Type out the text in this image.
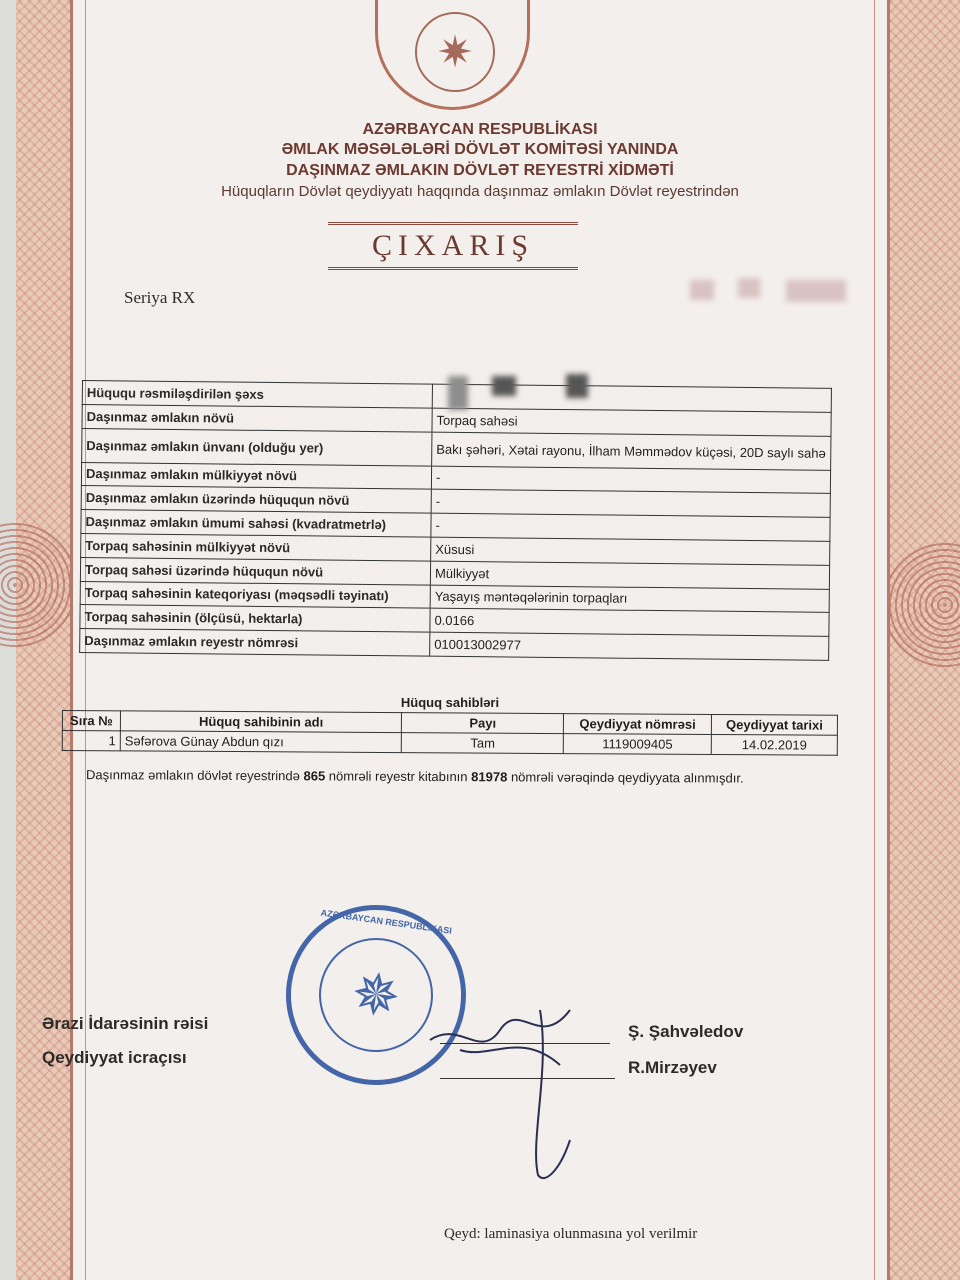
✷
AZƏRBAYCAN RESPUBLİKASI
ƏMLAK MƏSƏLƏLƏRİ DÖVLƏT KOMİTƏSİ YANINDA
DAŞINMAZ ƏMLAKIN DÖVLƏT REYESTRİ XİDMƏTİ
Hüquqların Dövlət qeydiyyatı haqqında daşınmaz əmlakın Dövlət reyestrindən
ÇIXARIŞ
Seriya RX
Hüququ rəsmiləşdirilən şəxs	
Daşınmaz əmlakın növü	Torpaq sahəsi
Daşınmaz əmlakın ünvanı (olduğu yer)	Bakı şəhəri, Xətai rayonu, İlham Məmmədov küçəsi, 20D saylı sahə
Daşınmaz əmlakın mülkiyyət növü	-
Daşınmaz əmlakın üzərində hüququn növü	-
Daşınmaz əmlakın ümumi sahəsi (kvadratmetrlə)	-
Torpaq sahəsinin mülkiyyət növü	Xüsusi
Torpaq sahəsi üzərində hüququn növü	Mülkiyyət
Torpaq sahəsinin kateqoriyası (məqsədli təyinatı)	Yaşayış məntəqələrinin torpaqları
Torpaq sahəsinin (ölçüsü, hektarla)	0.0166
Daşınmaz əmlakın reyestr nömrəsi	010013002977
Hüquq sahibləri
Sıra №	Hüquq sahibinin adı	Payı	Qeydiyyat nömrəsi	Qeydiyyat tarixi
1	Səfərova Günay Abdun qızı	Tam	1119009405	14.02.2019
Daşınmaz əmlakın dövlət reyestrində 865 nömrəli reyestr kitabının 81978 nömrəli vərəqində qeydiyyata alınmışdır.
AZƏRBAYCAN RESPUBLİKASI
✵
Ərazi İdarəsinin rəisi
Qeydiyyat icraçısı
Ş. Şahvəledov
R.Mirzəyev
Qeyd: laminasiya olunmasına yol verilmir
